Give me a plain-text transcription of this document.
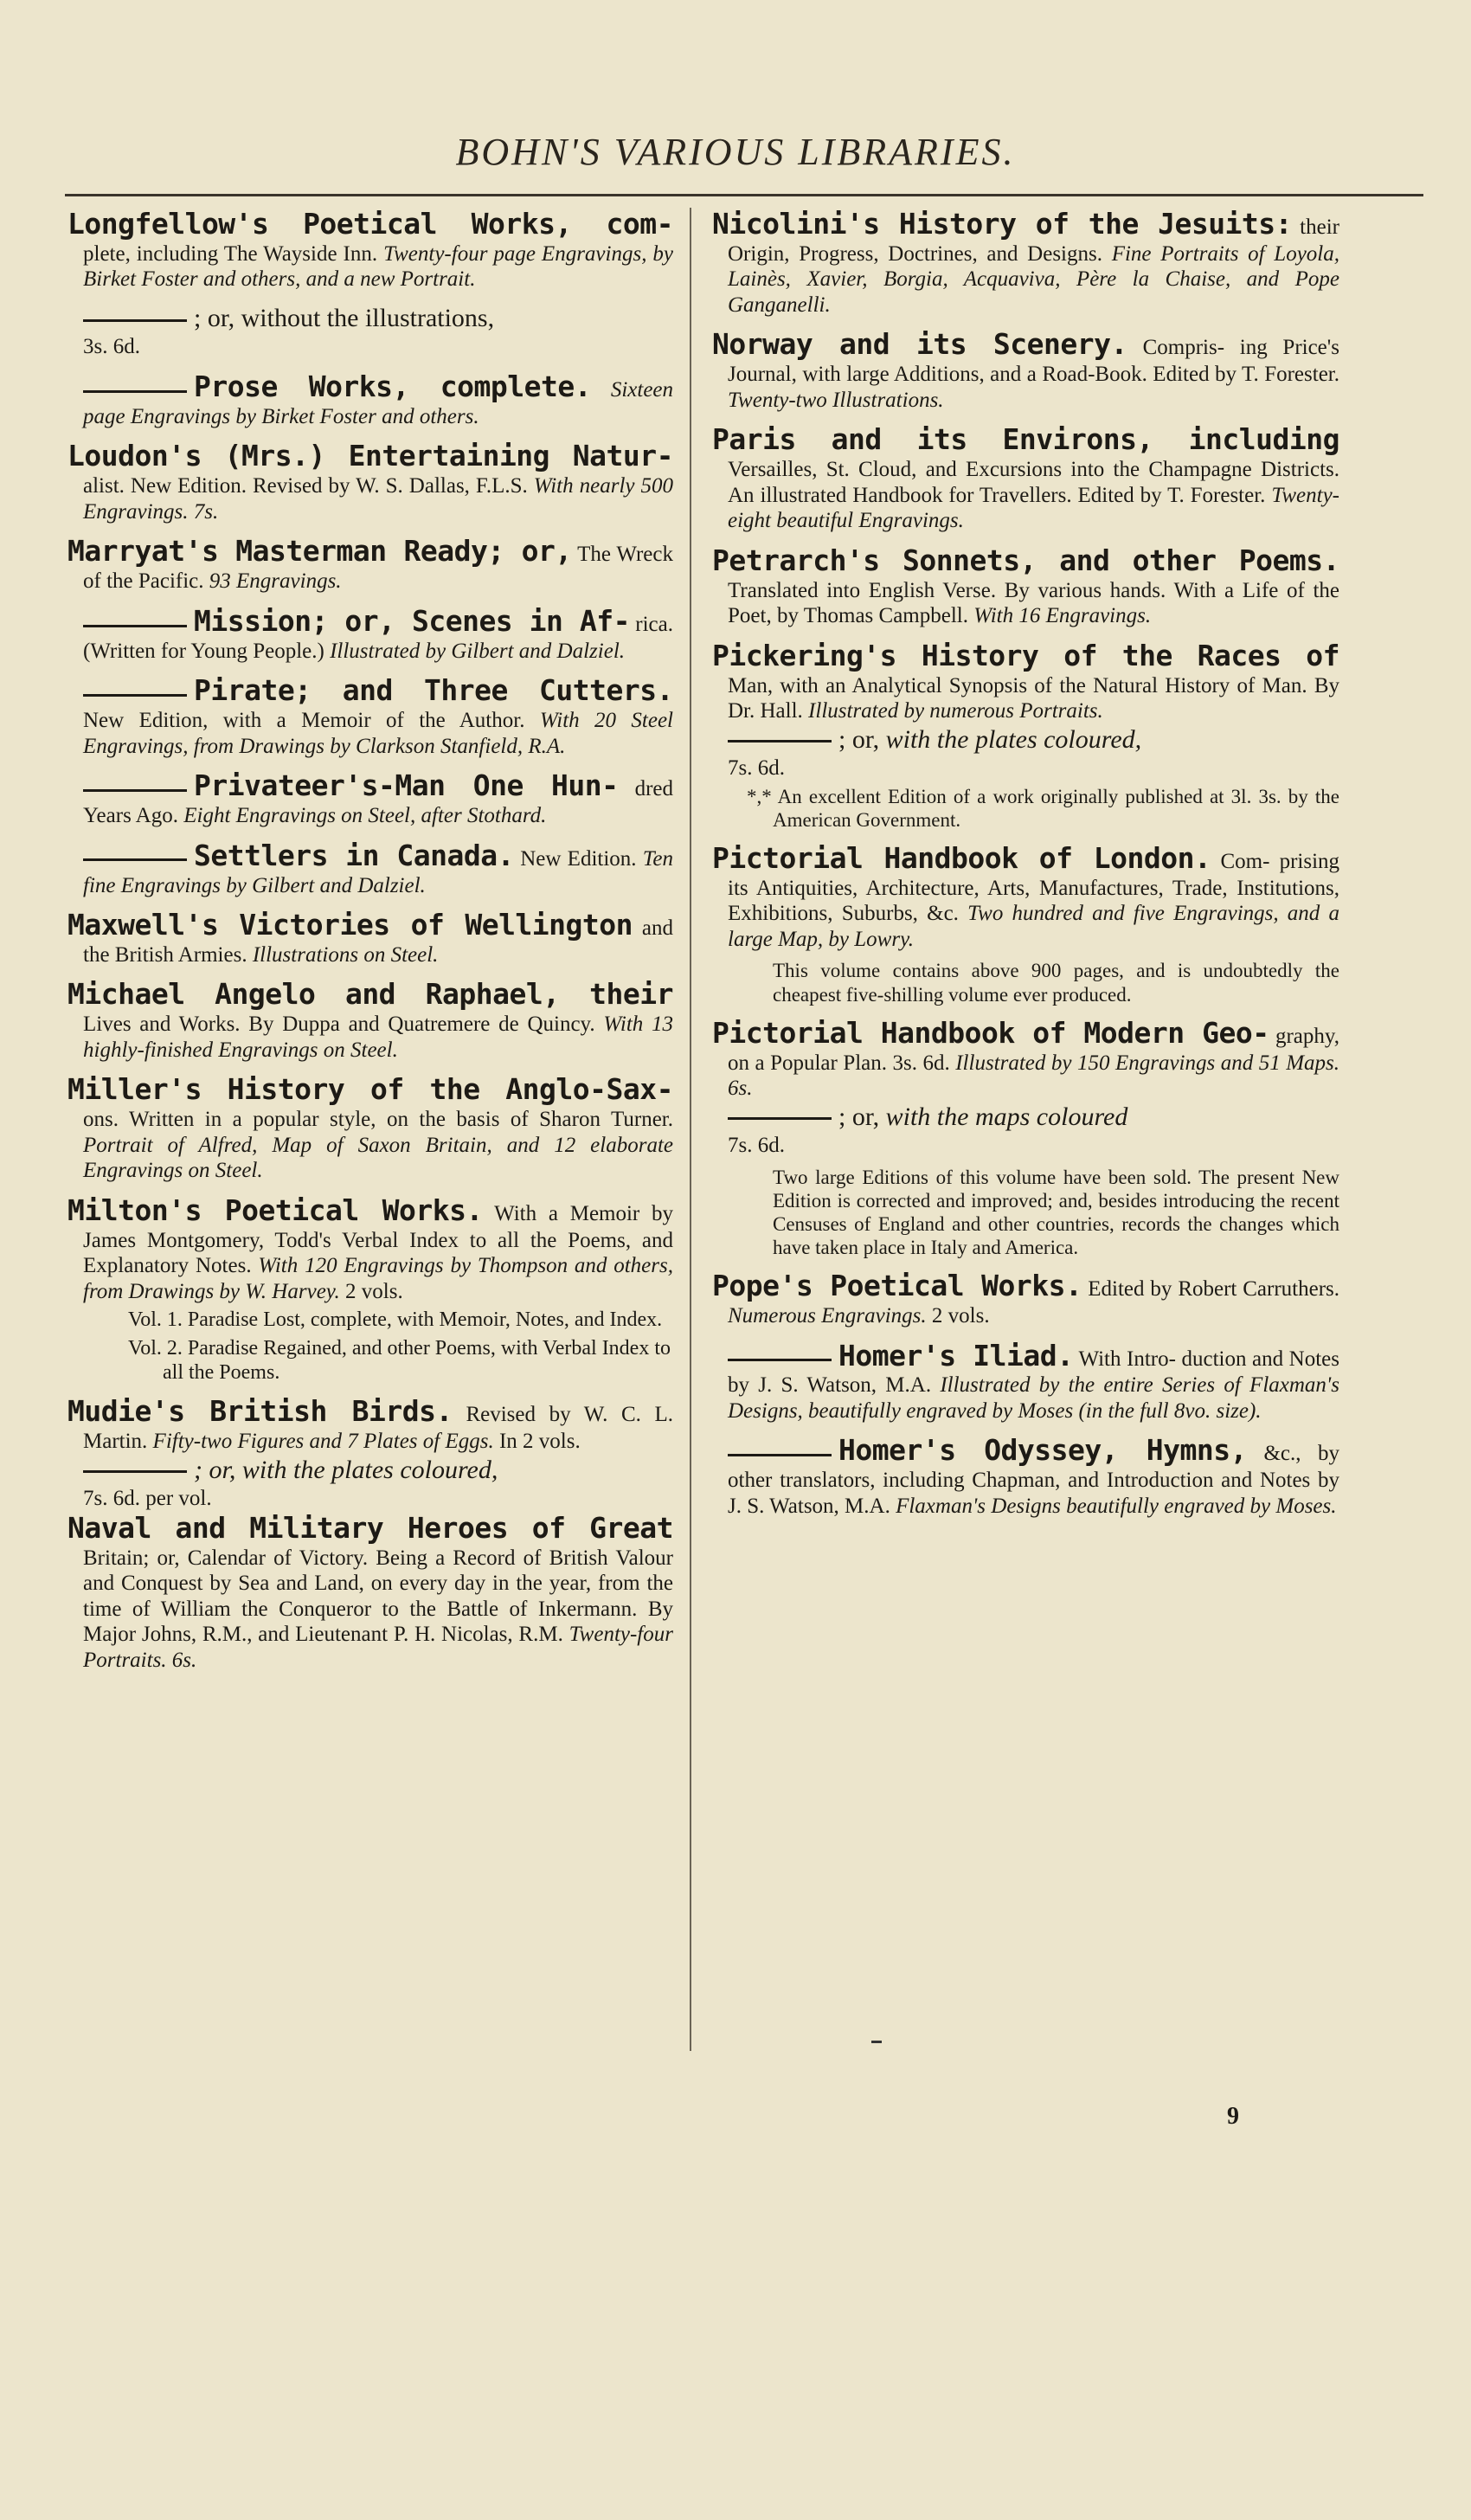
BOHN'S VARIOUS LIBRARIES.
Longfellow's Poetical Works, com- plete, including The Wayside Inn. Twenty-four page Engravings, by Birket Foster and others, and a new Portrait.
; or, without the illustrations,
3s. 6d.
Prose Works, complete. Sixteen page Engravings by Birket Foster and others.
Loudon's (Mrs.) Entertaining Natur- alist. New Edition. Revised by W. S. Dallas, F.L.S. With nearly 500 Engravings. 7s.
Marryat's Masterman Ready; or, The Wreck of the Pacific. 93 Engravings.
Mission; or, Scenes in Af- rica. (Written for Young People.) Illustrated by Gilbert and Dalziel.
Pirate; and Three Cutters. New Edition, with a Memoir of the Author. With 20 Steel Engravings, from Drawings by Clarkson Stanfield, R.A.
Privateer's-Man One Hun- dred Years Ago. Eight Engravings on Steel, after Stothard.
Settlers in Canada. New Edition. Ten fine Engravings by Gilbert and Dalziel.
Maxwell's Victories of Wellington and the British Armies. Illustrations on Steel.
Michael Angelo and Raphael, their Lives and Works. By Duppa and Quatremere de Quincy. With 13 highly-finished Engravings on Steel.
Miller's History of the Anglo-Sax- ons. Written in a popular style, on the basis of Sharon Turner. Portrait of Alfred, Map of Saxon Britain, and 12 elaborate Engravings on Steel.
Milton's Poetical Works. With a Memoir by James Montgomery, Todd's Verbal Index to all the Poems, and Explanatory Notes. With 120 Engravings by Thompson and others, from Drawings by W. Harvey. 2 vols.
Vol. 1. Paradise Lost, complete, with Memoir, Notes, and Index.
Vol. 2. Paradise Regained, and other Poems, with Verbal Index to all the Poems.
Mudie's British Birds. Revised by W. C. L. Martin. Fifty-two Figures and 7 Plates of Eggs. In 2 vols.
; or, with the plates coloured,
7s. 6d. per vol.
Naval and Military Heroes of Great Britain; or, Calendar of Victory. Being a Record of British Valour and Conquest by Sea and Land, on every day in the year, from the time of William the Conqueror to the Battle of Inkermann. By Major Johns, R.M., and Lieutenant P. H. Nicolas, R.M. Twenty-four Portraits. 6s.
Nicolini's History of the Jesuits: their Origin, Progress, Doctrines, and Designs. Fine Portraits of Loyola, Lainès, Xavier, Borgia, Acquaviva, Père la Chaise, and Pope Ganganelli.
Norway and its Scenery. Compris- ing Price's Journal, with large Additions, and a Road-Book. Edited by T. Forester. Twenty-two Illustrations.
Paris and its Environs, including Versailles, St. Cloud, and Excursions into the Champagne Districts. An illustrated Handbook for Travellers. Edited by T. Forester. Twenty-eight beautiful Engravings.
Petrarch's Sonnets, and other Poems. Translated into English Verse. By various hands. With a Life of the Poet, by Thomas Campbell. With 16 Engravings.
Pickering's History of the Races of Man, with an Analytical Synopsis of the Natural History of Man. By Dr. Hall. Illustrated by numerous Portraits.
; or, with the plates coloured,
7s. 6d.
*,* An excellent Edition of a work originally published at 3l. 3s. by the American Government.
Pictorial Handbook of London. Com- prising its Antiquities, Architecture, Arts, Manufactures, Trade, Institutions, Exhibitions, Suburbs, &c. Two hundred and five Engravings, and a large Map, by Lowry.
This volume contains above 900 pages, and is undoubtedly the cheapest five-shilling volume ever produced.
Pictorial Handbook of Modern Geo- graphy, on a Popular Plan. 3s. 6d. Illustrated by 150 Engravings and 51 Maps. 6s.
; or, with the maps coloured
7s. 6d.
Two large Editions of this volume have been sold. The present New Edition is corrected and improved; and, besides introducing the recent Censuses of England and other countries, records the changes which have taken place in Italy and America.
Pope's Poetical Works. Edited by Robert Carruthers. Numerous Engravings. 2 vols.
Homer's Iliad. With Intro- duction and Notes by J. S. Watson, M.A. Illustrated by the entire Series of Flaxman's Designs, beautifully engraved by Moses (in the full 8vo. size).
Homer's Odyssey, Hymns, &c., by other translators, including Chapman, and Introduction and Notes by J. S. Watson, M.A. Flaxman's Designs beautifully engraved by Moses.
9
